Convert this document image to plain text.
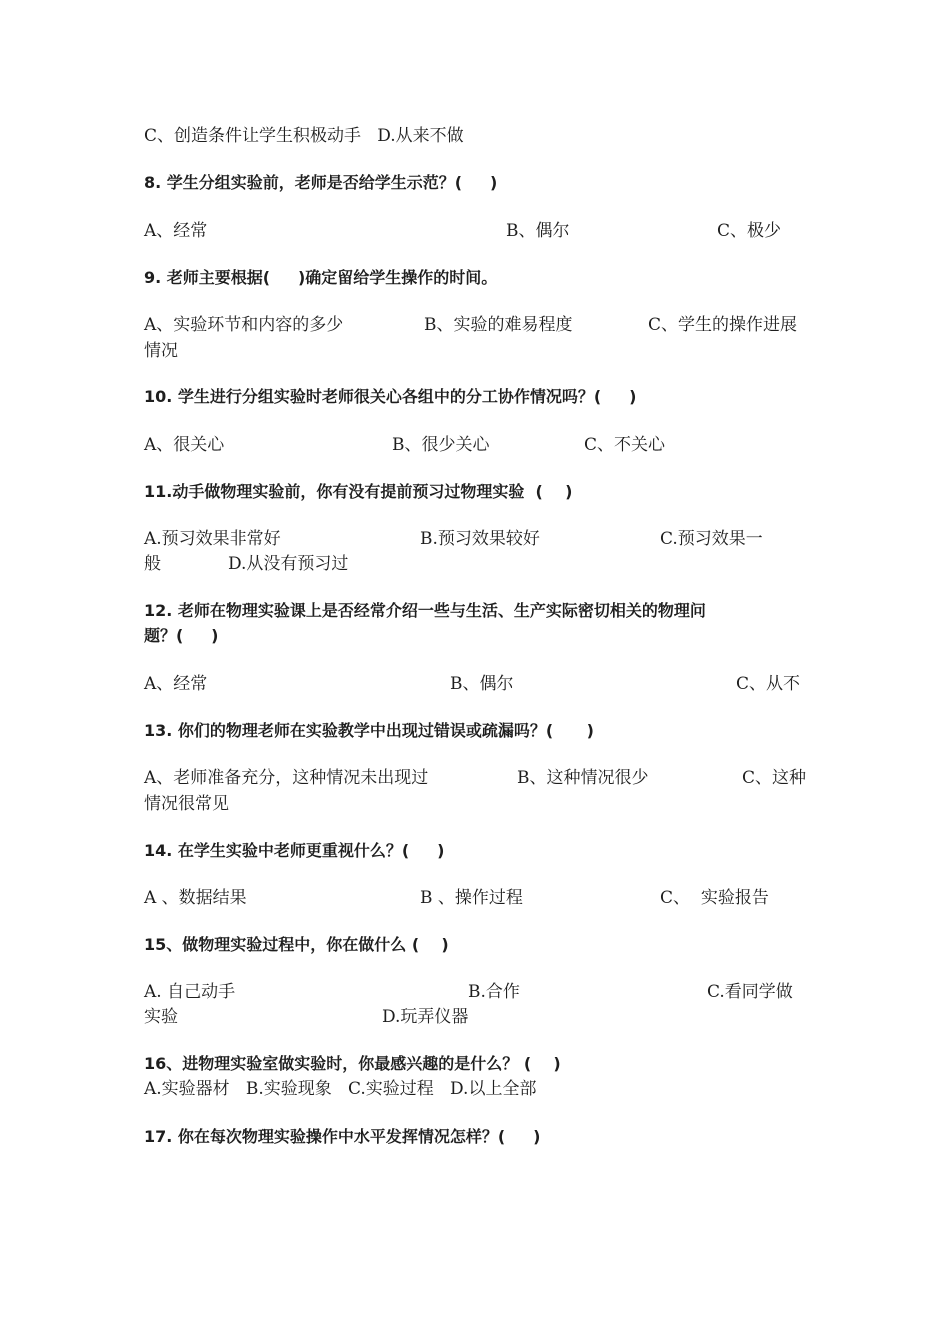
C、创造条件让学生积极动手   D.从来不做
8. 学生分组实验前，老师是否给学生示范？(     )

A、经常

	B、偶尔

	C、极少

9. 老师主要根据(     )确定留给学生操作的时间。

A、实验环节和内容的多少

	B、实验的难易程度

	C、学生的操作进展

情况
10. 学生进行分组实验时老师很关心各组中的分工协作情况吗？(     )

A、很关心

	B、很少关心

	C、不关心

11.动手做物理实验前，你有没有提前预习过物理实验  (    )

A.预习效果非常好

	B.预习效果较好

	C.预习效果一

般

	D.从没有预习过

12. 老师在物理实验课上是否经常介绍一些与生活、生产实际密切相关的物理问
题？(     )

A、经常

	B、偶尔

	C、从不

13. 你们的物理老师在实验教学中出现过错误或疏漏吗？(      )

A、老师准备充分，这种情况未出现过

	B、这种情况很少

	C、这种

情况很常见
14. 在学生实验中老师更重视什么？(     )

A 、数据结果

	B 、操作过程

	C、  实验报告

15、做物理实验过程中，你在做什么 (    )

A. 自己动手

	B.合作

	C.看同学做

实验

	D.玩弄仪器

16、进物理实验室做实验时，你最感兴趣的是什么？ (    )
A.实验器材   B.实验现象   C.实验过程   D.以上全部
17. 你在每次物理实验操作中水平发挥情况怎样？(     )
